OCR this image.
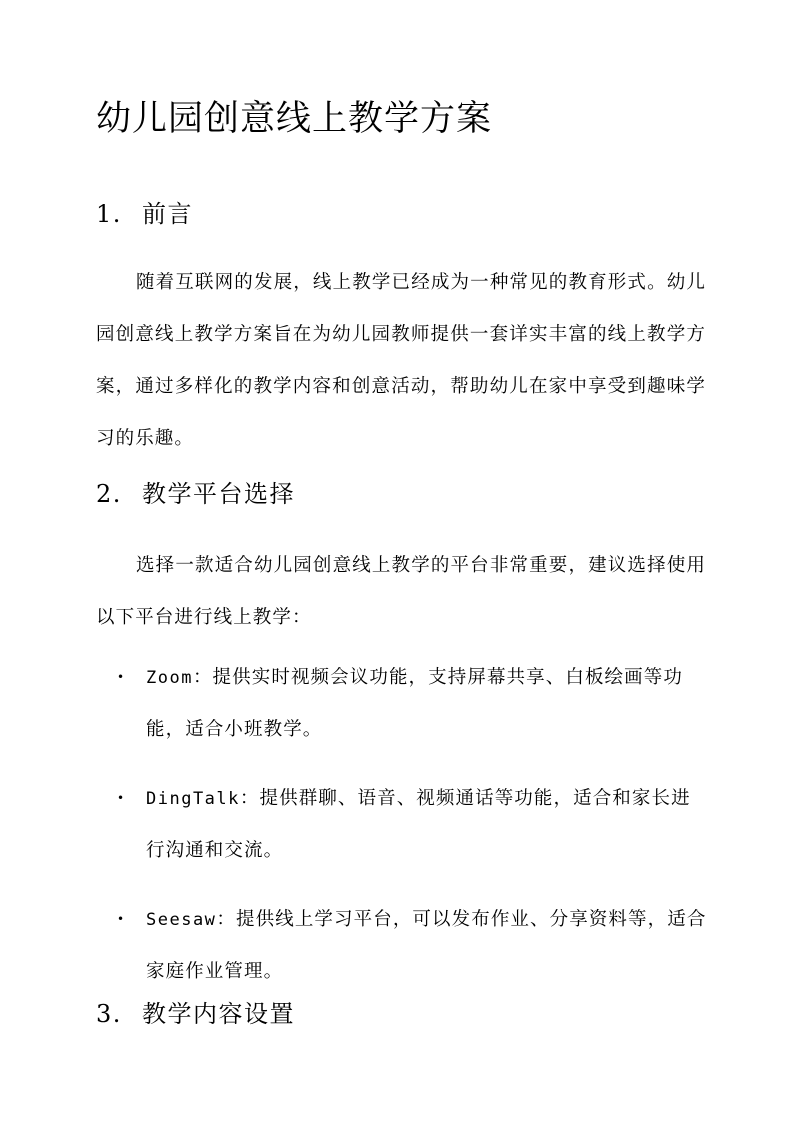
幼儿园创意线上教学方案
1. 前言

随着互联网的发展，线上教学已经成为一种常见的教育形式。幼儿园创意线上教学方案旨在为幼儿园教师提供一套详实丰富的线上教学方案，通过多样化的教学内容和创意活动，帮助幼儿在家中享受到趣味学习的乐趣。

2. 教学平台选择

选择一款适合幼儿园创意线上教学的平台非常重要，建议选择使用以下平台进行线上教学：

• Zoom：提供实时视频会议功能，支持屏幕共享、白板绘画等功能，适合小班教学。
• DingTalk：提供群聊、语音、视频通话等功能，适合和家长进行沟通和交流。
• Seesaw：提供线上学习平台，可以发布作业、分享资料等，适合家庭作业管理。
3. 教学内容设置
